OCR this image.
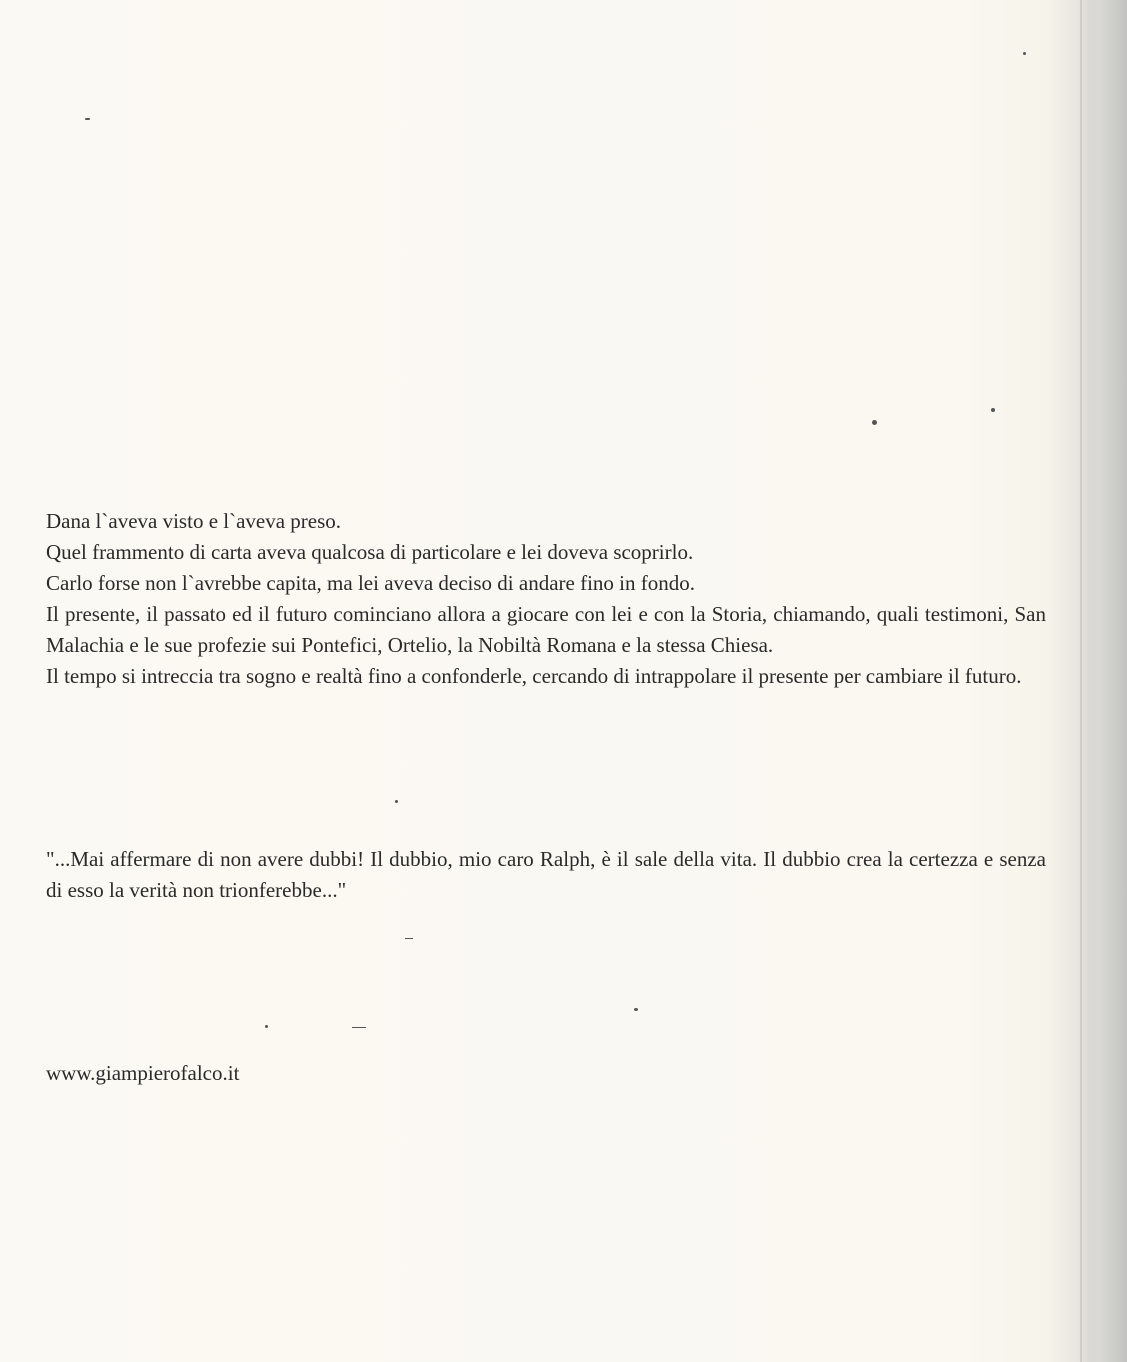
Dana l`aveva visto e l`aveva preso.

Quel frammento di carta aveva qualcosa di particolare e lei doveva scoprirlo.

Carlo forse non l`avrebbe capita, ma lei aveva deciso di andare fino in fondo.

Il presente, il passato ed il futuro cominciano allora a giocare con lei e con la Storia, chiamando, quali testimoni, San Malachia e le sue profezie sui Pontefici, Ortelio, la Nobiltà Romana e la stessa Chiesa.

Il tempo si intreccia tra sogno e realtà fino a confonderle, cercando di intrappolare il presente per cambiare il futuro.

"...Mai affermare di non avere dubbi! Il dubbio, mio caro Ralph, è il sale della vita. Il dubbio crea la certezza e senza di esso la verità non trionferebbe..."
www.giampierofalco.it
